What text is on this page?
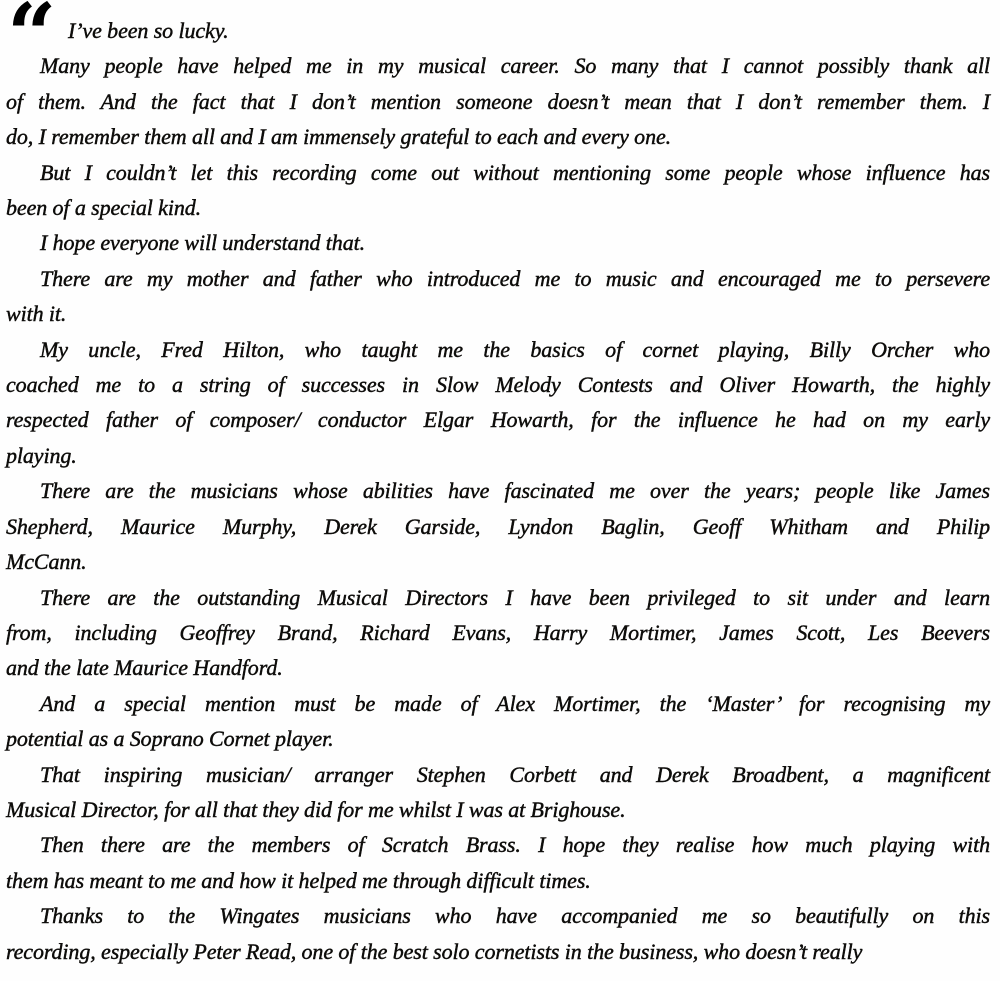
“ I’ve been so lucky.
Many people have helped me in my musical career. So many that I cannot possibly thank all
of them. And the fact that I don’t mention someone doesn’t mean that I don’t remember them. I
do, I remember them all and I am immensely grateful to each and every one.
But I couldn’t let this recording come out without mentioning some people whose influence has
been of a special kind.
I hope everyone will understand that.
There are my mother and father who introduced me to music and encouraged me to persevere
with it.
My uncle, Fred Hilton, who taught me the basics of cornet playing, Billy Orcher who
coached me to a string of successes in Slow Melody Contests and Oliver Howarth, the highly
respected father of composer/ conductor Elgar Howarth, for the influence he had on my early
playing.
There are the musicians whose abilities have fascinated me over the years; people like James
Shepherd, Maurice Murphy, Derek Garside, Lyndon Baglin, Geoff Whitham and Philip
McCann.
There are the outstanding Musical Directors I have been privileged to sit under and learn
from, including Geoffrey Brand, Richard Evans, Harry Mortimer, James Scott, Les Beevers
and the late Maurice Handford.
And a special mention must be made of Alex Mortimer, the ‘Master’ for recognising my
potential as a Soprano Cornet player.
That inspiring musician/ arranger Stephen Corbett and Derek Broadbent, a magnificent
Musical Director, for all that they did for me whilst I was at Brighouse.
Then there are the members of Scratch Brass. I hope they realise how much playing with
them has meant to me and how it helped me through difficult times.
Thanks to the Wingates musicians who have accompanied me so beautifully on this
recording, especially Peter Read, one of the best solo cornetists in the business, who doesn’t really
